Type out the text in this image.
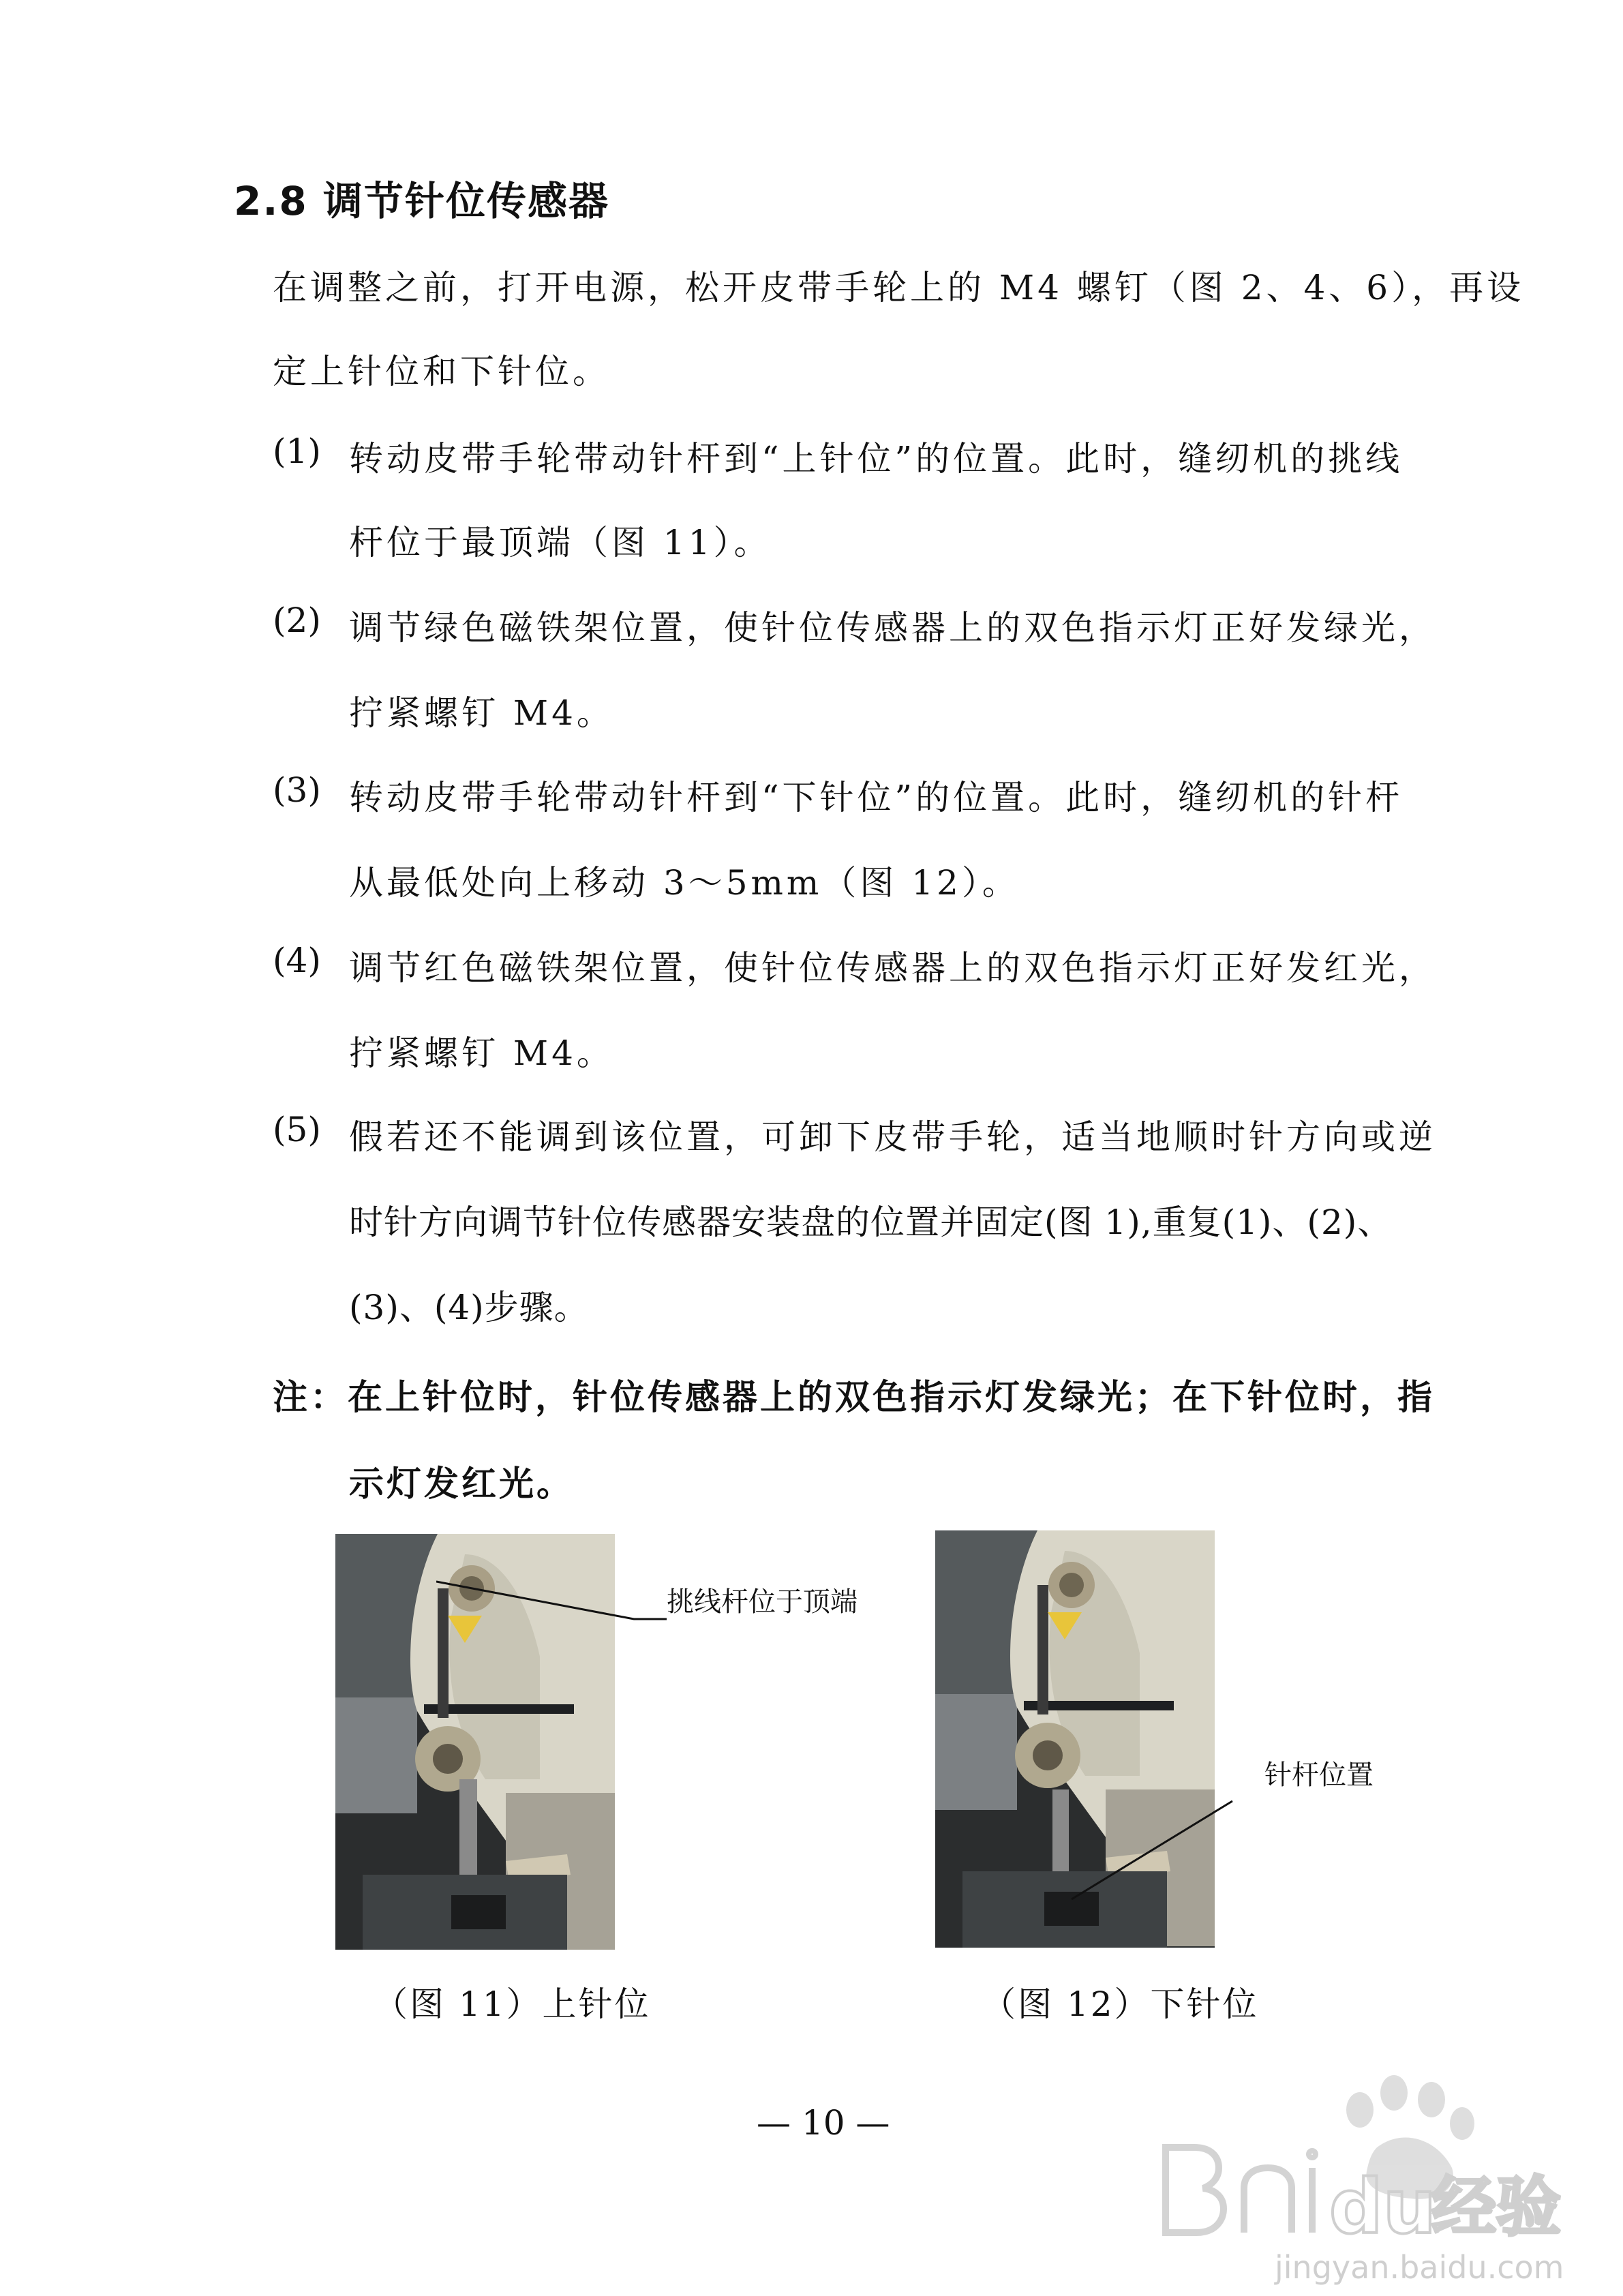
2.8 调节针位传感器
在调整之前，打开电源，松开皮带手轮上的 M4 螺钉（图 2、4、6），再设
定上针位和下针位。
(1) 转动皮带手轮带动针杆到“上针位”的位置。此时，缝纫机的挑线
杆位于最顶端（图 11）。
(2) 调节绿色磁铁架位置，使针位传感器上的双色指示灯正好发绿光，
拧紧螺钉 M4。
(3) 转动皮带手轮带动针杆到“下针位”的位置。此时，缝纫机的针杆
从最低处向上移动 3～5mm（图 12）。
(4) 调节红色磁铁架位置，使针位传感器上的双色指示灯正好发红光，
拧紧螺钉 M4。
(5) 假若还不能调到该位置，可卸下皮带手轮，适当地顺时针方向或逆
时针方向调节针位传感器安装盘的位置并固定(图 1),重复(1)、(2)、
(3)、(4)步骤。
注：在上针位时，针位传感器上的双色指示灯发绿光；在下针位时，指
示灯发红光。
挑线杆位于顶端
（图 11）上针位
针杆位置
（图 12）下针位
— 10 —
du
经验
jingyan.baidu.com
